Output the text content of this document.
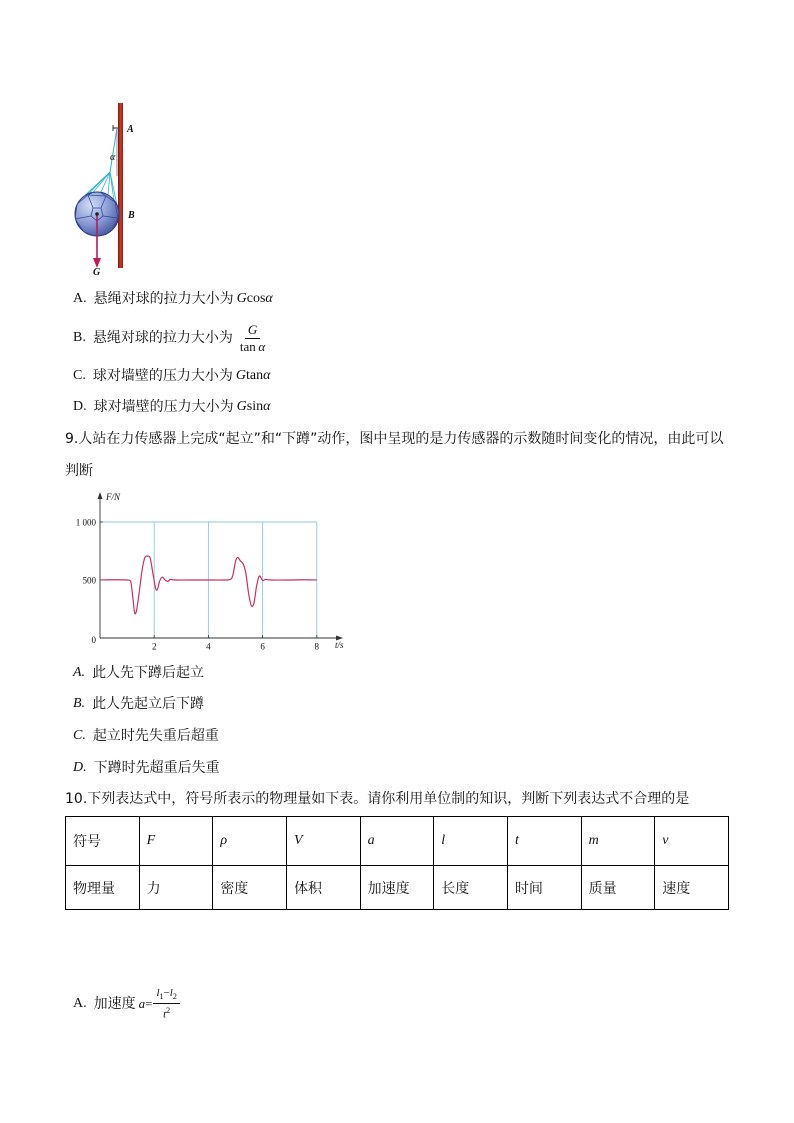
A
α
B
G
A. 悬绳对球的拉力大小为 Gcosα
B. 悬绳对球的拉力大小为 $\frac{G}{\text{tan  α}}$
C. 球对墙壁的压力大小为 Gtanα
D. 球对墙壁的压力大小为 Gsinα
9.人站在力传感器上完成“起立”和“下蹲”动作，图中呈现的是力传感器的示数随时间变化的情况，由此可以
判断
2	4	6	8
0
500
1 000
F/N
t/s
A. 此人先下蹲后起立
B. 此人先起立后下蹲
C. 起立时先失重后超重
D. 下蹲时先超重后失重
10.下列表达式中，符号所表示的物理量如下表。请你利用单位制的知识，判断下列表达式不合理的是
符号	F	ρ	V	a	l	t	m	v
物理量	力	密度	体积	加速度	长度	时间	质量	速度
A. 加速度 $a= \frac{l_1-l_2}{t^2}$
